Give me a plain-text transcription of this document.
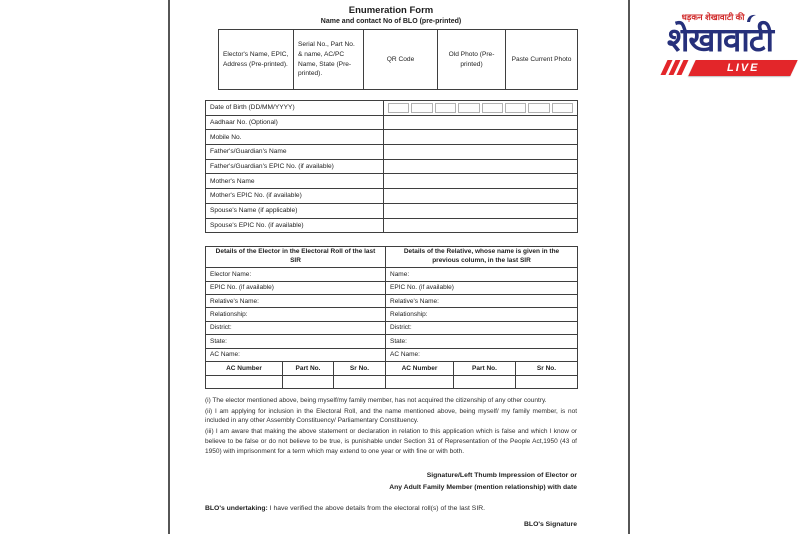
Enumeration Form
Name and contact No of BLO (pre-printed)
Elector's Name, EPIC, Address (Pre-printed).	Serial No., Part No. & name, AC/PC Name, State (Pre-printed).	QR Code	Old Photo (Pre-printed)	Paste Current Photo
Date of Birth (DD/MM/YYYY)	

Aadhaar No. (Optional)	
Mobile No.	
Father's/Guardian's Name	
Father's/Guardian's EPIC No. (if available)	
Mother's Name	
Mother's EPIC No. (if available)	
Spouse's Name (if applicable)	
Spouse's EPIC No. (if available)	
Details of the Elector in the Electoral Roll of the last SIR			Details of the Relative, whose name is given in the previous column, in the last SIR		
Elector Name:			Name:		
EPIC No. (if available)			EPIC No. (if available)		
Relative's Name:			Relative's Name:		
Relationship:			Relationship:		
District:			District:		
State:			State:		
AC Name:			AC Name:		
AC Number	Part No.	Sr No.	AC Number	Part No.	Sr No.

(i) The elector mentioned above, being myself/my family member, has not acquired the citizenship of any other country.

(ii) I am applying for inclusion in the Electoral Roll, and the name mentioned above, being myself/ my family member, is not included in any other Assembly Constituency/ Parliamentary Constituency.

(iii) I am aware that making the above statement or declaration in relation to this application which is false and which I know or believe to be false or do not believe to be true, is punishable under Section 31 of Representation of the People Act,1950 (43 of 1950) with imprisonment for a term which may extend to one year or with fine or with both.

Signature/Left Thumb Impression of Elector or
Any Adult Family Member (mention relationship) with date
BLO's undertaking: I have verified the above details from the electoral roll(s) of the last SIR.
BLO's Signature
धड़कन शेखावाटी की
शेखावाटी
LIVE
